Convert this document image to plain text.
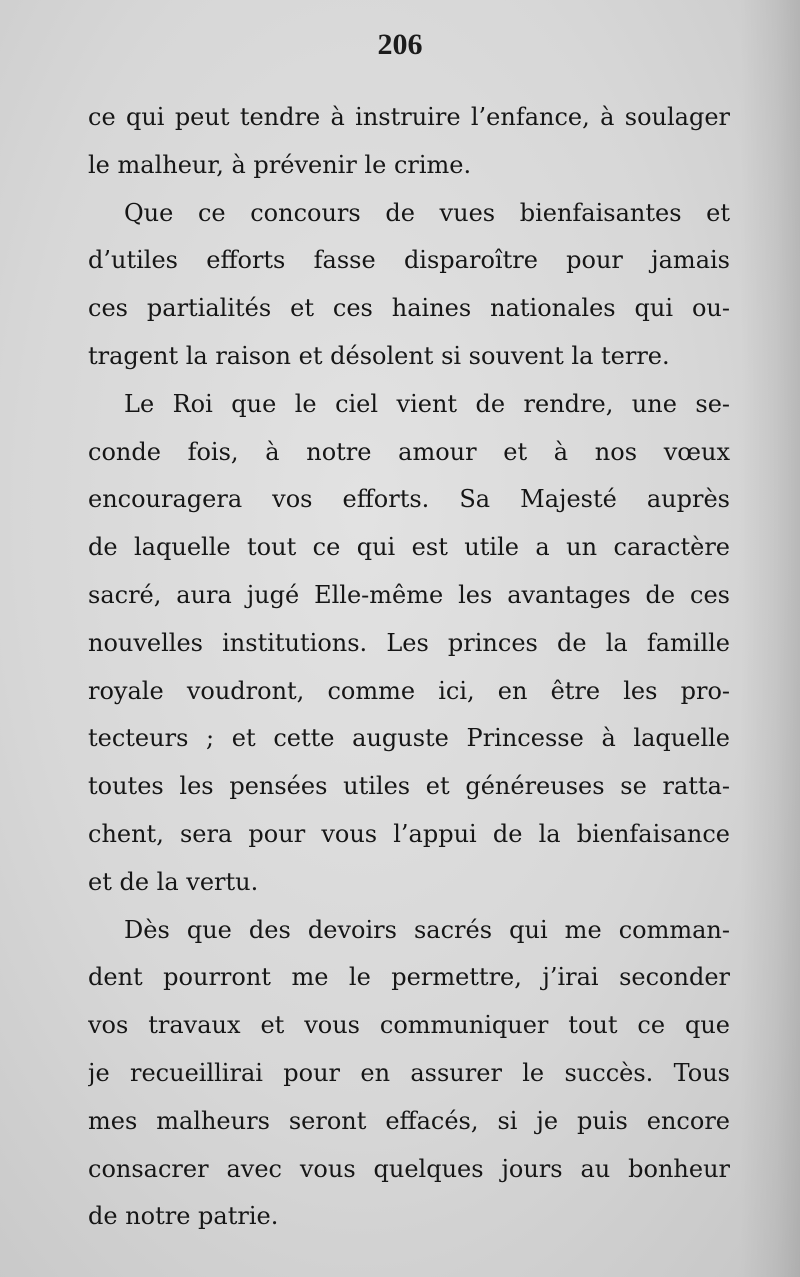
206
ce qui peut tendre à instruire l’enfance, à soulager
le malheur, à prévenir le crime.
Que ce concours de vues bienfaisantes et
d’utiles efforts fasse disparoître pour jamais
ces partialités et ces haines nationales qui ou-
tragent la raison et désolent si souvent la terre.
Le Roi que le ciel vient de rendre, une se-
conde fois, à notre amour et à nos vœux
encouragera vos efforts. Sa Majesté auprès
de laquelle tout ce qui est utile a un caractère
sacré, aura jugé Elle-même les avantages de ces
nouvelles institutions. Les princes de la famille
royale voudront, comme ici, en être les pro-
tecteurs ; et cette auguste Princesse à laquelle
toutes les pensées utiles et généreuses se ratta-
chent, sera pour vous l’appui de la bienfaisance
et de la vertu.
Dès que des devoirs sacrés qui me comman-
dent pourront me le permettre, j’irai seconder
vos travaux et vous communiquer tout ce que
je recueillirai pour en assurer le succès. Tous
mes malheurs seront effacés, si je puis encore
consacrer avec vous quelques jours au bonheur
de notre patrie.
